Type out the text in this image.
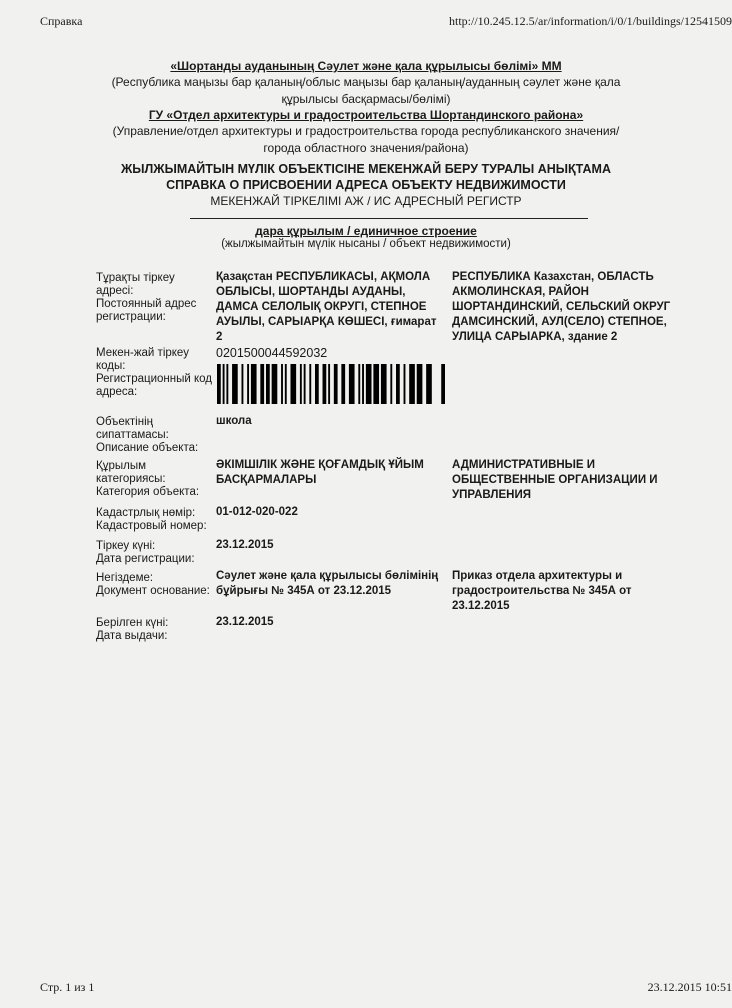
Справка	http://10.245.12.5/ar/information/i/0/1/buildings/12541509
«Шортанды ауданының Сәулет және қала құрылысы бөлімі» ММ
(Республика маңызы бар қаланың/облыс маңызы бар қаланың/ауданның сәулет және қала құрылысы басқармасы/бөлімі)
ГУ «Отдел архитектуры и градостроительства Шортандинского района»
(Управление/отдел архитектуры и градостроительства города республиканского значения/города областного значения/района)
ЖЫЛЖЫМАЙТЫН МҮЛІК ОБЪЕКТІСІНЕ МЕКЕНЖАЙ БЕРУ ТУРАЛЫ АНЫҚТАМА
СПРАВКА О ПРИСВОЕНИИ АДРЕСА ОБЪЕКТУ НЕДВИЖИМОСТИ
МЕКЕНЖАЙ ТІРКЕЛІМІ АЖ / ИС АДРЕСНЫЙ РЕГИСТР
дара құрылым / единичное строение
(жылжымайтын мүлік нысаны / объект недвижимости)
Тұрақты тіркеу адресі:
Постоянный адрес регистрации:
Қазақстан РЕСПУБЛИКАСЫ, АҚМОЛА ОБЛЫСЫ, ШОРТАНДЫ АУДАНЫ, ДАМСА СЕЛОЛЫҚ ОКРУГІ, СТЕПНОЕ АУЫЛЫ, САРЫАРҚА КӨШЕСІ, ғимарат 2
РЕСПУБЛИКА Казахстан, ОБЛАСТЬ АКМОЛИНСКАЯ, РАЙОН ШОРТАНДИНСКИЙ, СЕЛЬСКИЙ ОКРУГ ДАМСИНСКИЙ, АУЛ(СЕЛО) СТЕПНОЕ, УЛИЦА САРЫАРКА, здание 2
Мекен-жай тіркеу коды:
Регистрационный код адреса:
0201500044592032
Объектінің сипаттамасы:
Описание объекта:
школа
Құрылым категориясы:
Категория объекта:
ӘКІМШІЛІК ЖӘНЕ ҚОҒАМДЫҚ ҰЙЫМ БАСҚАРМАЛАРЫ
АДМИНИСТРАТИВНЫЕ И ОБЩЕСТВЕННЫЕ ОРГАНИЗАЦИИ И УПРАВЛЕНИЯ
Кадастрлық нөмір:
Кадастровый номер:
01-012-020-022
Тіркеу күні:
Дата регистрации:
23.12.2015
Негіздеме:
Документ основание:
Сәулет және қала құрылысы бөлімінің бұйрығы № 345А от 23.12.2015
Приказ отдела архитектуры и градостроительства № 345А от 23.12.2015
Берілген күні:
Дата выдачи:
23.12.2015
Стр. 1 из 1	23.12.2015 10:51
